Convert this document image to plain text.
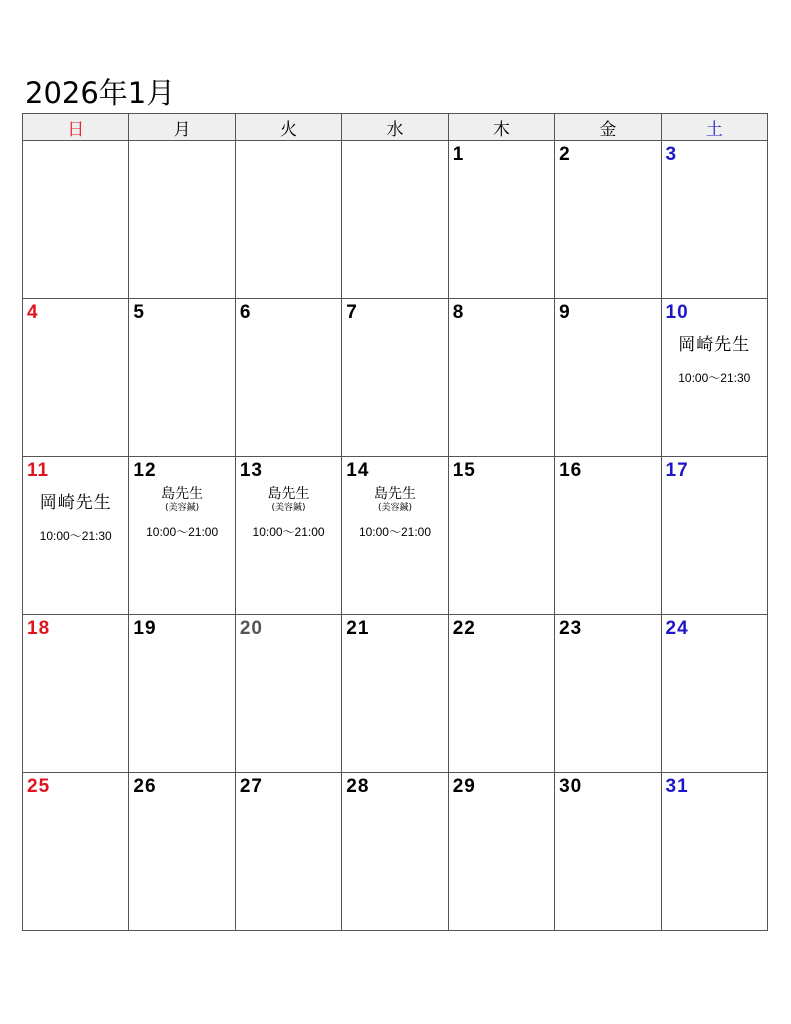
2026年1月
日	月	火	水	木	金	土

				1	2	3

4	5	6	7	8	9	10
岡崎先生
10:00～21:30

11
岡崎先生
10:00～21:30	12
島先生
(美容鍼)
10:00～21:00	13
島先生
(美容鍼)
10:00～21:00	14
島先生
(美容鍼)
10:00～21:00	15	16	17

18	19	20	21	22	23	24

25	26	27	28	29	30	31
